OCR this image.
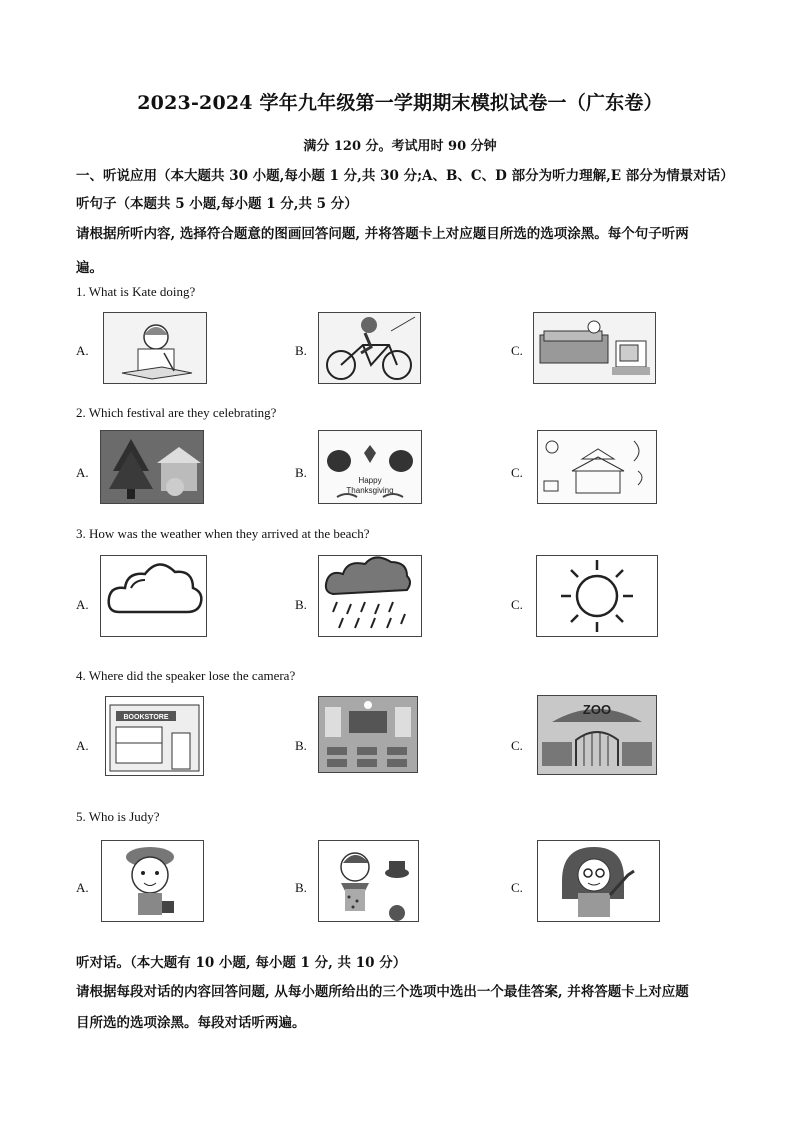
2023-2024 学年九年级第一学期期末模拟试卷一（广东卷）
满分 120 分。考试用时 90 分钟
一、听说应用（本大题共 30 小题,每小题 1 分,共 30 分;A、B、C、D 部分为听力理解,E 部分为情景对话）
听句子（本题共 5 小题,每小题 1 分,共 5 分）
请根据所听内容, 选择符合题意的图画回答问题, 并将答题卡上对应题目所选的选项涂黑。每个句子听两
遍。
1. What is Kate doing?
A.	B.	C.
2. Which festival are they celebrating?
A.	B.
Happy
Thanksgiving
C.
3. How was the weather when they arrived at the beach?
A.	B.	C.
4. Where did the speaker lose the camera?
A.
BOOKSTORE
B.	C.
ZOO
5. Who is Judy?
A.	B.	C.
听对话。（本大题有 10 小题, 每小题 1 分, 共 10 分）
请根据每段对话的内容回答问题, 从每小题所给出的三个选项中选出一个最佳答案, 并将答题卡上对应题
目所选的选项涂黑。每段对话听两遍。
